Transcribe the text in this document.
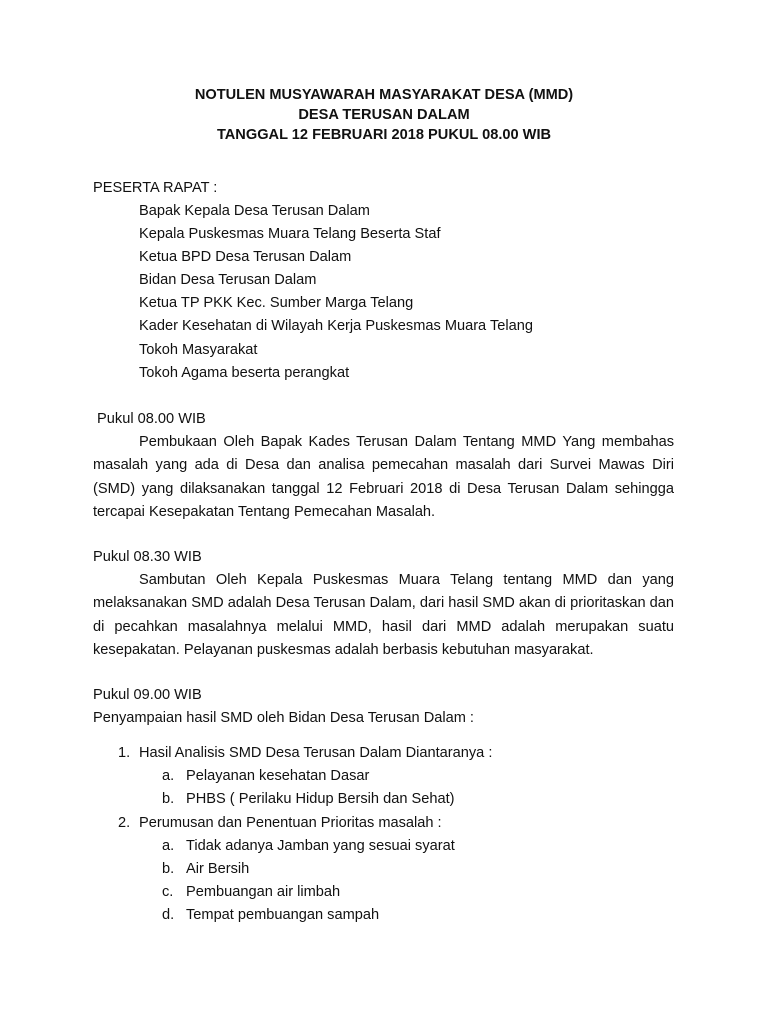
NOTULEN MUSYAWARAH MASYARAKAT DESA (MMD)
DESA TERUSAN DALAM
TANGGAL 12 FEBRUARI 2018 PUKUL 08.00 WIB
PESERTA RAPAT :
Bapak Kepala Desa Terusan Dalam
Kepala Puskesmas Muara Telang Beserta Staf
Ketua BPD Desa Terusan Dalam
Bidan Desa Terusan Dalam
Ketua TP PKK Kec. Sumber Marga Telang
Kader Kesehatan di Wilayah Kerja Puskesmas Muara Telang
Tokoh Masyarakat
Tokoh Agama beserta perangkat
Pukul 08.00 WIB
Pembukaan Oleh Bapak Kades Terusan Dalam Tentang MMD Yang membahas masalah yang ada di Desa dan analisa pemecahan masalah dari Survei Mawas Diri (SMD) yang dilaksanakan tanggal 12 Februari 2018 di Desa Terusan Dalam sehingga tercapai Kesepakatan Tentang Pemecahan Masalah.
Pukul 08.30 WIB
Sambutan Oleh Kepala Puskesmas Muara Telang tentang MMD dan yang melaksanakan SMD adalah Desa Terusan Dalam, dari hasil SMD akan di prioritaskan dan di pecahkan masalahnya melalui MMD, hasil dari MMD adalah merupakan suatu kesepakatan. Pelayanan puskesmas adalah berbasis kebutuhan masyarakat.
Pukul 09.00 WIB
Penyampaian hasil SMD oleh Bidan Desa Terusan Dalam :
1. Hasil Analisis SMD Desa Terusan Dalam Diantaranya :
a. Pelayanan kesehatan Dasar
b. PHBS ( Perilaku Hidup Bersih dan Sehat)
2. Perumusan dan Penentuan Prioritas masalah :
a. Tidak adanya Jamban yang sesuai syarat
b. Air Bersih
c. Pembuangan air limbah
d. Tempat pembuangan sampah
